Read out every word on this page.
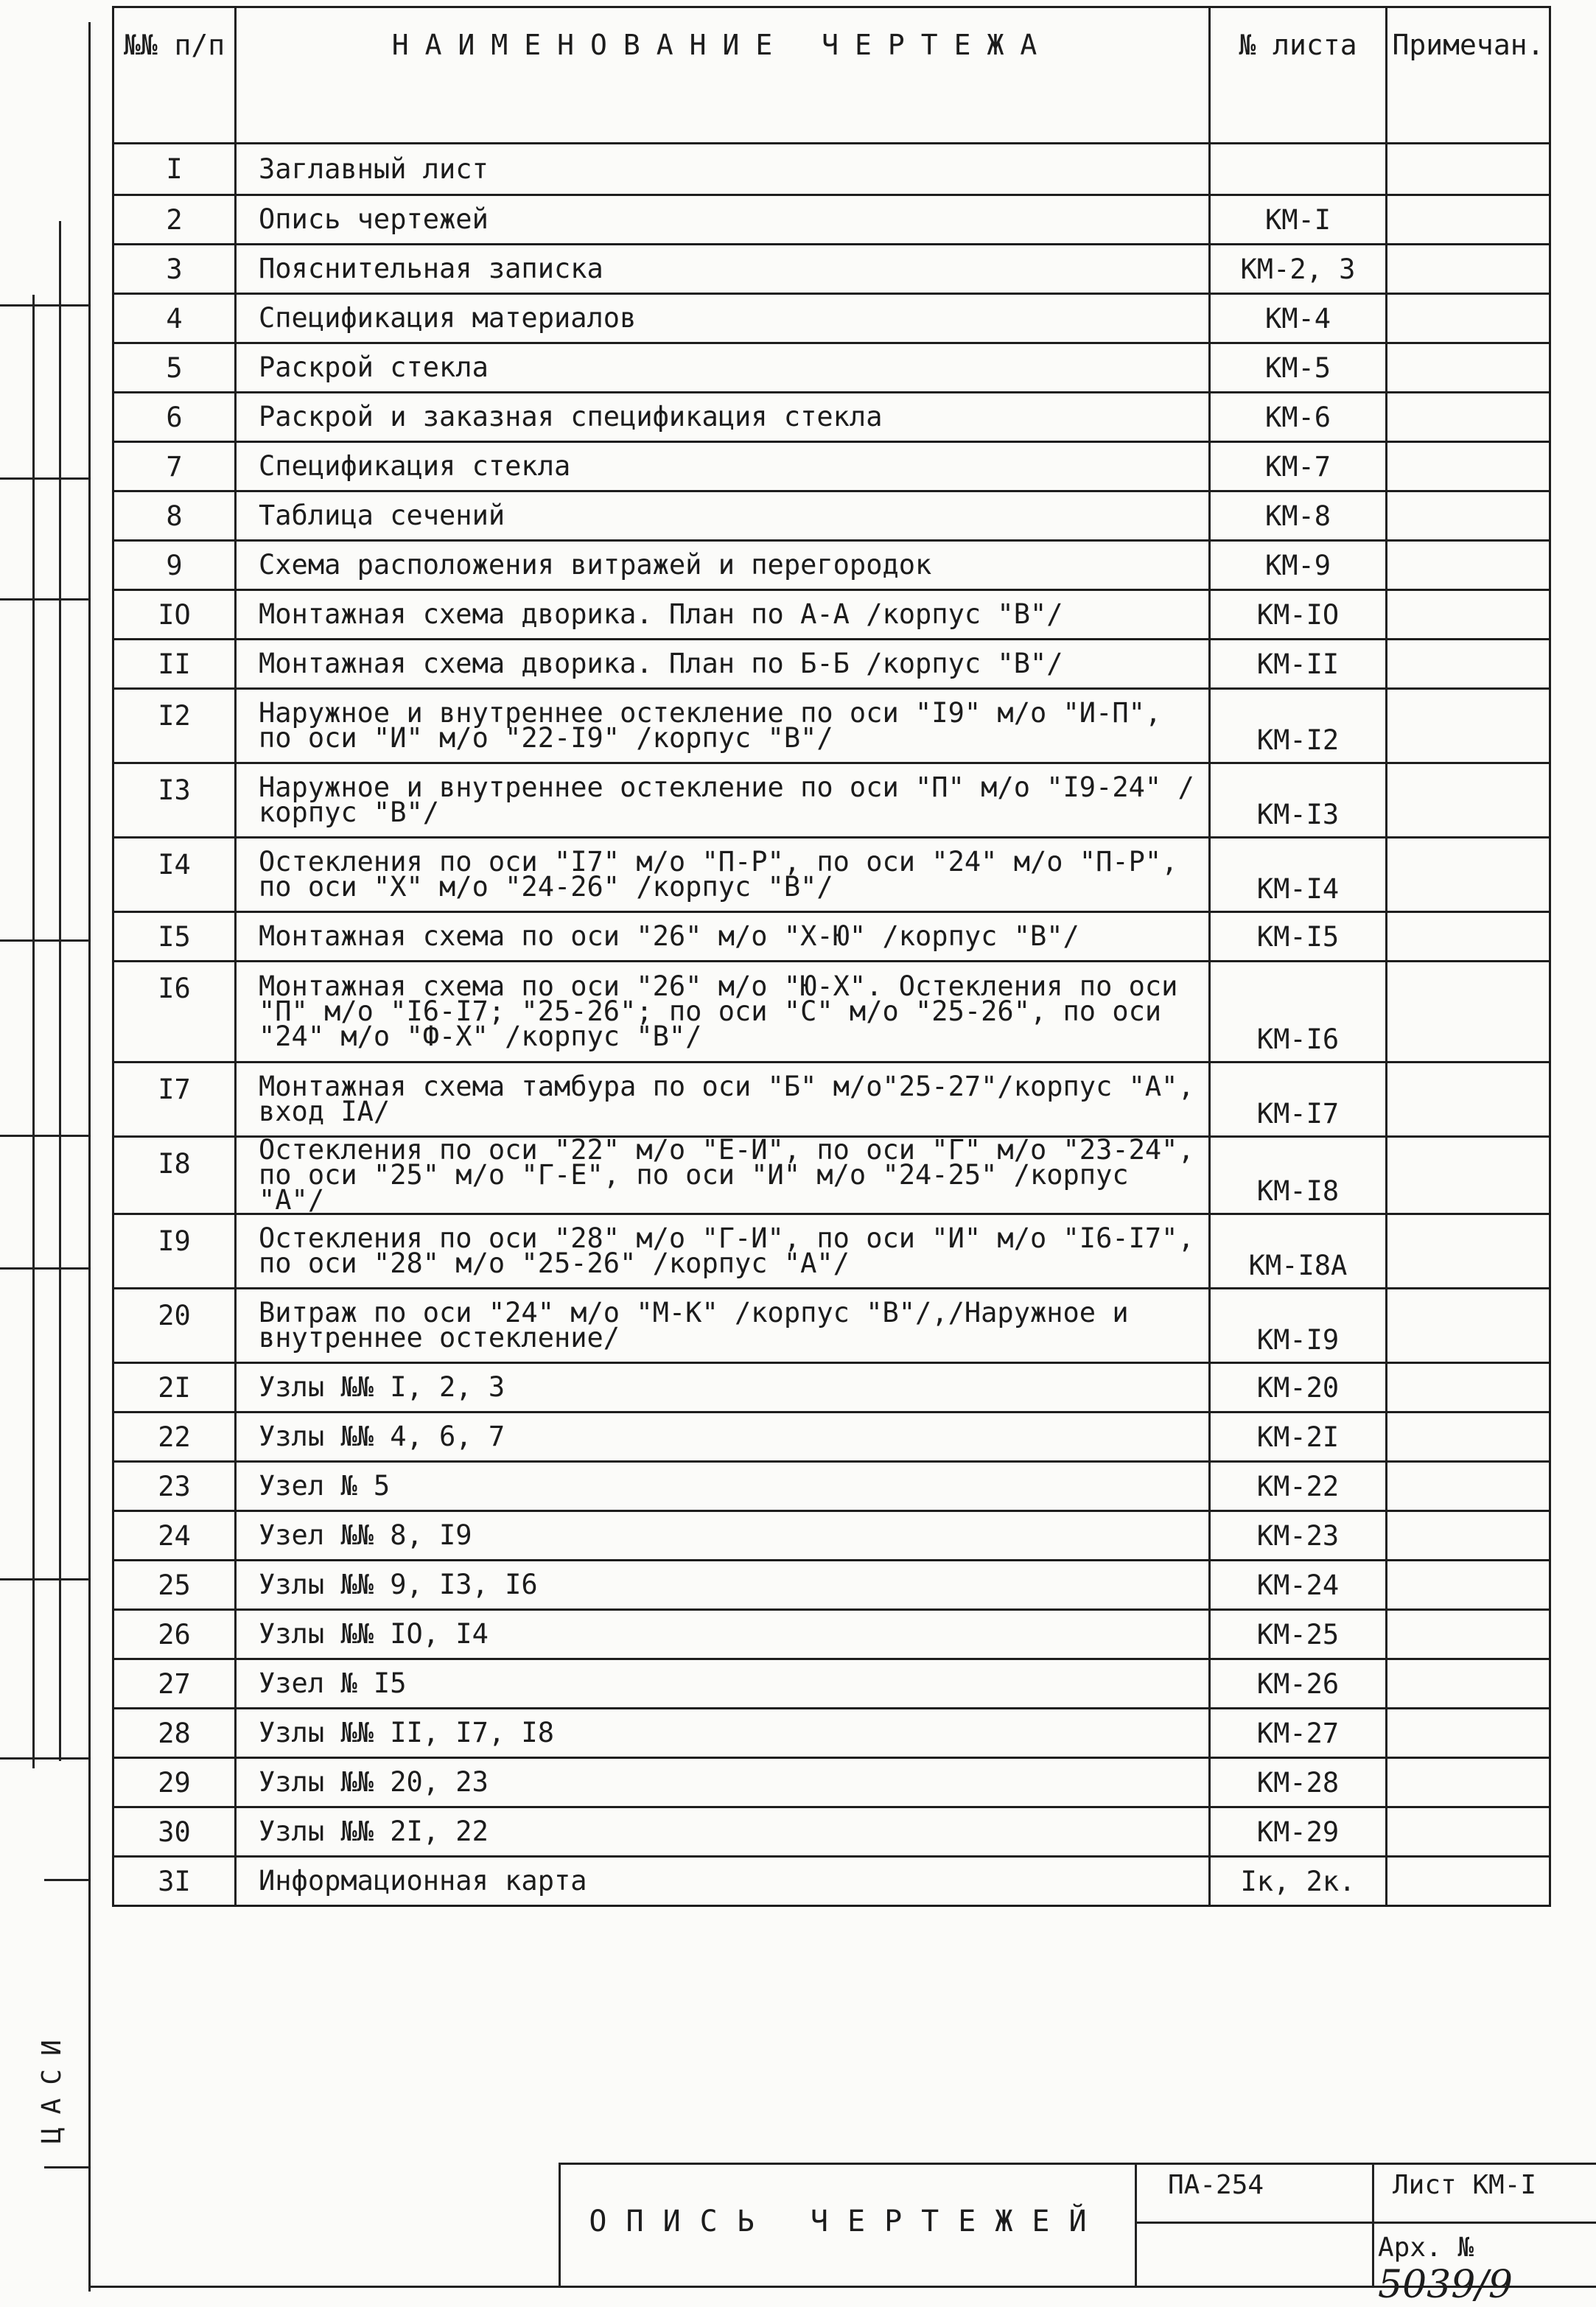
ЦАСИ
№№ п/п	НАИМЕНОВАНИЕ ЧЕРТЕЖА	№ листа	Примечан.
I	Заглавный лист		
2	Опись чертежей	КМ-I	
3	Пояснительная записка	КМ-2, 3	
4	Спецификация материалов	КМ-4	
5	Раскрой стекла	КМ-5	
6	Раскрой и заказная спецификация стекла	КМ-6	
7	Спецификация стекла	КМ-7	
8	Таблица сечений	КМ-8	
9	Схема расположения витражей и перегородок	КМ-9	
IO	Монтажная схема дворика. План по А-А /корпус "В"/	КМ-IO	
II	Монтажная схема дворика. План по Б-Б /корпус "В"/	КМ-II	
I2	Наружное и внутреннее остекление по оси "I9" м/о "И-П", по оси "И" м/о "22-I9" /корпус "В"/	КМ-I2	
I3	Наружное и внутреннее остекление по оси "П" м/о "I9-24" /корпус "В"/	КМ-I3	
I4	Остекления по оси "I7" м/о "П-Р", по оси "24" м/о "П-Р", по оси "Х" м/о "24-26" /корпус "В"/	КМ-I4	
I5	Монтажная схема по оси "26" м/о "Х-Ю" /корпус "В"/	КМ-I5	
I6	Монтажная схема по оси "26" м/о "Ю-Х". Остекления по оси "П" м/о "I6-I7; "25-26"; по оси "С" м/о "25-26", по оси "24" м/о "Ф-Х" /корпус "В"/	КМ-I6	
I7	Монтажная схема тамбура по оси "Б" м/о"25-27"/корпус "А", вход IА/	КМ-I7	
I8	Остекления по оси "22" м/о "Е-И", по оси "Г" м/о "23-24", по оси "25" м/о "Г-Е", по оси "И" м/о "24-25" /корпус "А"/	КМ-I8	
I9	Остекления по оси "28" м/о "Г-И", по оси "И" м/о "I6-I7", по оси "28" м/о "25-26" /корпус "А"/	КМ-I8А	
20	Витраж по оси "24" м/о "М-К" /корпус "В"/,/Наружное и внутреннее остекление/	КМ-I9	
2I	Узлы №№ I, 2, 3	КМ-20	
22	Узлы №№ 4, 6, 7	КМ-2I	
23	Узел № 5	КМ-22	
24	Узел №№ 8, I9	КМ-23	
25	Узлы №№ 9, I3, I6	КМ-24	
26	Узлы №№ IO, I4	КМ-25	
27	Узел № I5	КМ-26	
28	Узлы №№ II, I7, I8	КМ-27	
29	Узлы №№ 20, 23	КМ-28	
30	Узлы №№ 2I, 22	КМ-29	
3I	Информационная карта	Iк, 2к.	
ОПИСЬ ЧЕРТЕЖЕЙ
ПА-254	Лист КМ-I
Арх. № 5039/9
